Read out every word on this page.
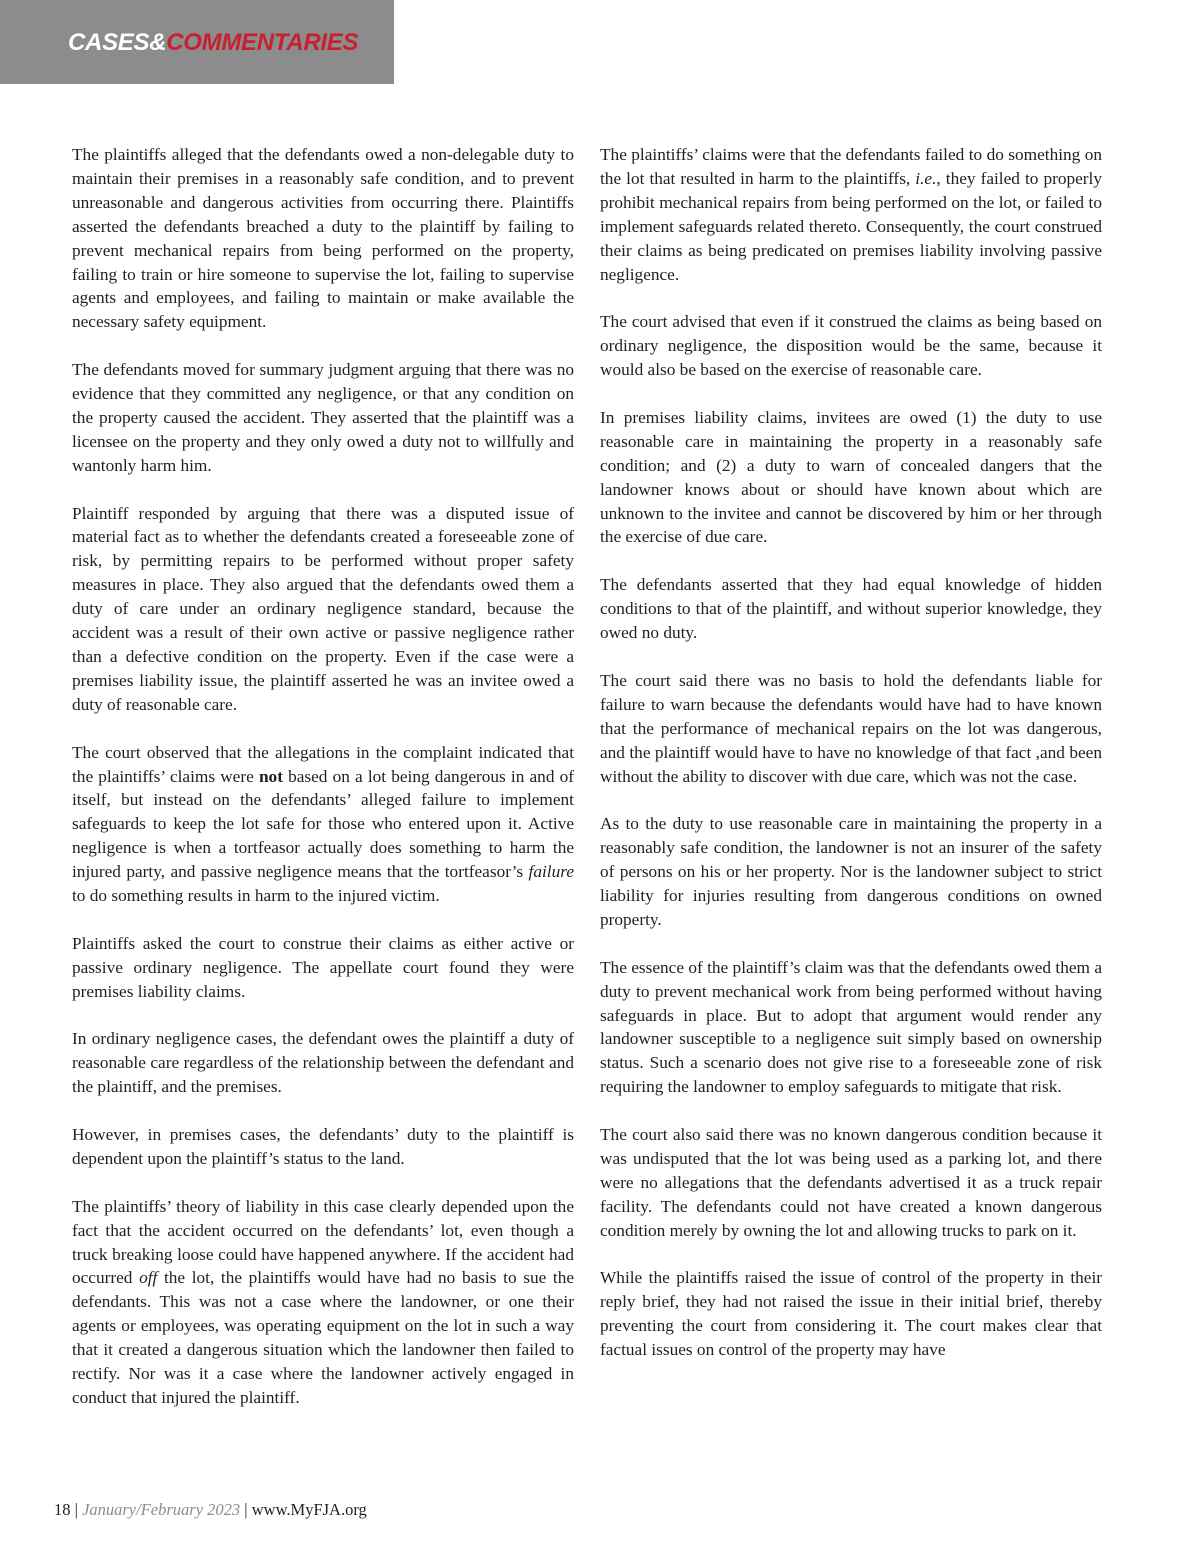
CASES&COMMENTARIES

The plaintiffs alleged that the defendants owed a non-delegable duty to maintain their premises in a reasonably safe condition, and to prevent unreasonable and dangerous activities from occurring there. Plaintiffs asserted the defendants breached a duty to the plaintiff by failing to prevent mechanical repairs from being performed on the property, failing to train or hire someone to supervise the lot, failing to supervise agents and employees, and failing to maintain or make available the necessary safety equipment.

The defendants moved for summary judgment arguing that there was no evidence that they committed any negligence, or that any condition on the property caused the accident. They asserted that the plaintiff was a licensee on the property and they only owed a duty not to willfully and wantonly harm him.

Plaintiff responded by arguing that there was a disputed issue of material fact as to whether the defendants created a foreseeable zone of risk, by permitting repairs to be performed without proper safety measures in place. They also argued that the defendants owed them a duty of care under an ordinary negligence standard, because the accident was a result of their own active or passive negligence rather than a defective condition on the property. Even if the case were a premises liability issue, the plaintiff asserted he was an invitee owed a duty of reasonable care.

The court observed that the allegations in the complaint indicated that the plaintiffs’ claims were not based on a lot being dangerous in and of itself, but instead on the defendants’ alleged failure to implement safeguards to keep the lot safe for those who entered upon it. Active negligence is when a tortfeasor actually does something to harm the injured party, and passive negligence means that the tortfeasor’s failure to do something results in harm to the injured victim.

Plaintiffs asked the court to construe their claims as either active or passive ordinary negligence. The appellate court found they were premises liability claims.

In ordinary negligence cases, the defendant owes the plaintiff a duty of reasonable care regardless of the relationship between the defendant and the plaintiff, and the premises.

However, in premises cases, the defendants’ duty to the plaintiff is dependent upon the plaintiff’s status to the land.

The plaintiffs’ theory of liability in this case clearly depended upon the fact that the accident occurred on the defendants’ lot, even though a truck breaking loose could have happened anywhere. If the accident had occurred off the lot, the plaintiffs would have had no basis to sue the defendants. This was not a case where the landowner, or one their agents or employees, was operating equipment on the lot in such a way that it created a dangerous situation which the landowner then failed to rectify. Nor was it a case where the landowner actively engaged in conduct that injured the plaintiff.

The plaintiffs’ claims were that the defendants failed to do something on the lot that resulted in harm to the plaintiffs, i.e., they failed to properly prohibit mechanical repairs from being performed on the lot, or failed to implement safeguards related thereto. Consequently, the court construed their claims as being predicated on premises liability involving passive negligence.

The court advised that even if it construed the claims as being based on ordinary negligence, the disposition would be the same, because it would also be based on the exercise of reasonable care.

In premises liability claims, invitees are owed (1) the duty to use reasonable care in maintaining the property in a reasonably safe condition; and (2) a duty to warn of concealed dangers that the landowner knows about or should have known about which are unknown to the invitee and cannot be discovered by him or her through the exercise of due care.

The defendants asserted that they had equal knowledge of hidden conditions to that of the plaintiff, and without superior knowledge, they owed no duty.

The court said there was no basis to hold the defendants liable for failure to warn because the defendants would have had to have known that the performance of mechanical repairs on the lot was dangerous, and the plaintiff would have to have no knowledge of that fact ,and been without the ability to discover with due care, which was not the case.

As to the duty to use reasonable care in maintaining the property in a reasonably safe condition, the landowner is not an insurer of the safety of persons on his or her property. Nor is the landowner subject to strict liability for injuries resulting from dangerous conditions on owned property.

The essence of the plaintiff’s claim was that the defendants owed them a duty to prevent mechanical work from being performed without having safeguards in place. But to adopt that argument would render any landowner susceptible to a negligence suit simply based on ownership status. Such a scenario does not give rise to a foreseeable zone of risk requiring the landowner to employ safeguards to mitigate that risk.

The court also said there was no known dangerous condition because it was undisputed that the lot was being used as a parking lot, and there were no allegations that the defendants advertised it as a truck repair facility. The defendants could not have created a known dangerous condition merely by owning the lot and allowing trucks to park on it.

While the plaintiffs raised the issue of control of the property in their reply brief, they had not raised the issue in their initial brief, thereby preventing the court from considering it. The court makes clear that factual issues on control of the property may have

18 | January/February 2023 | www.MyFJA.org
